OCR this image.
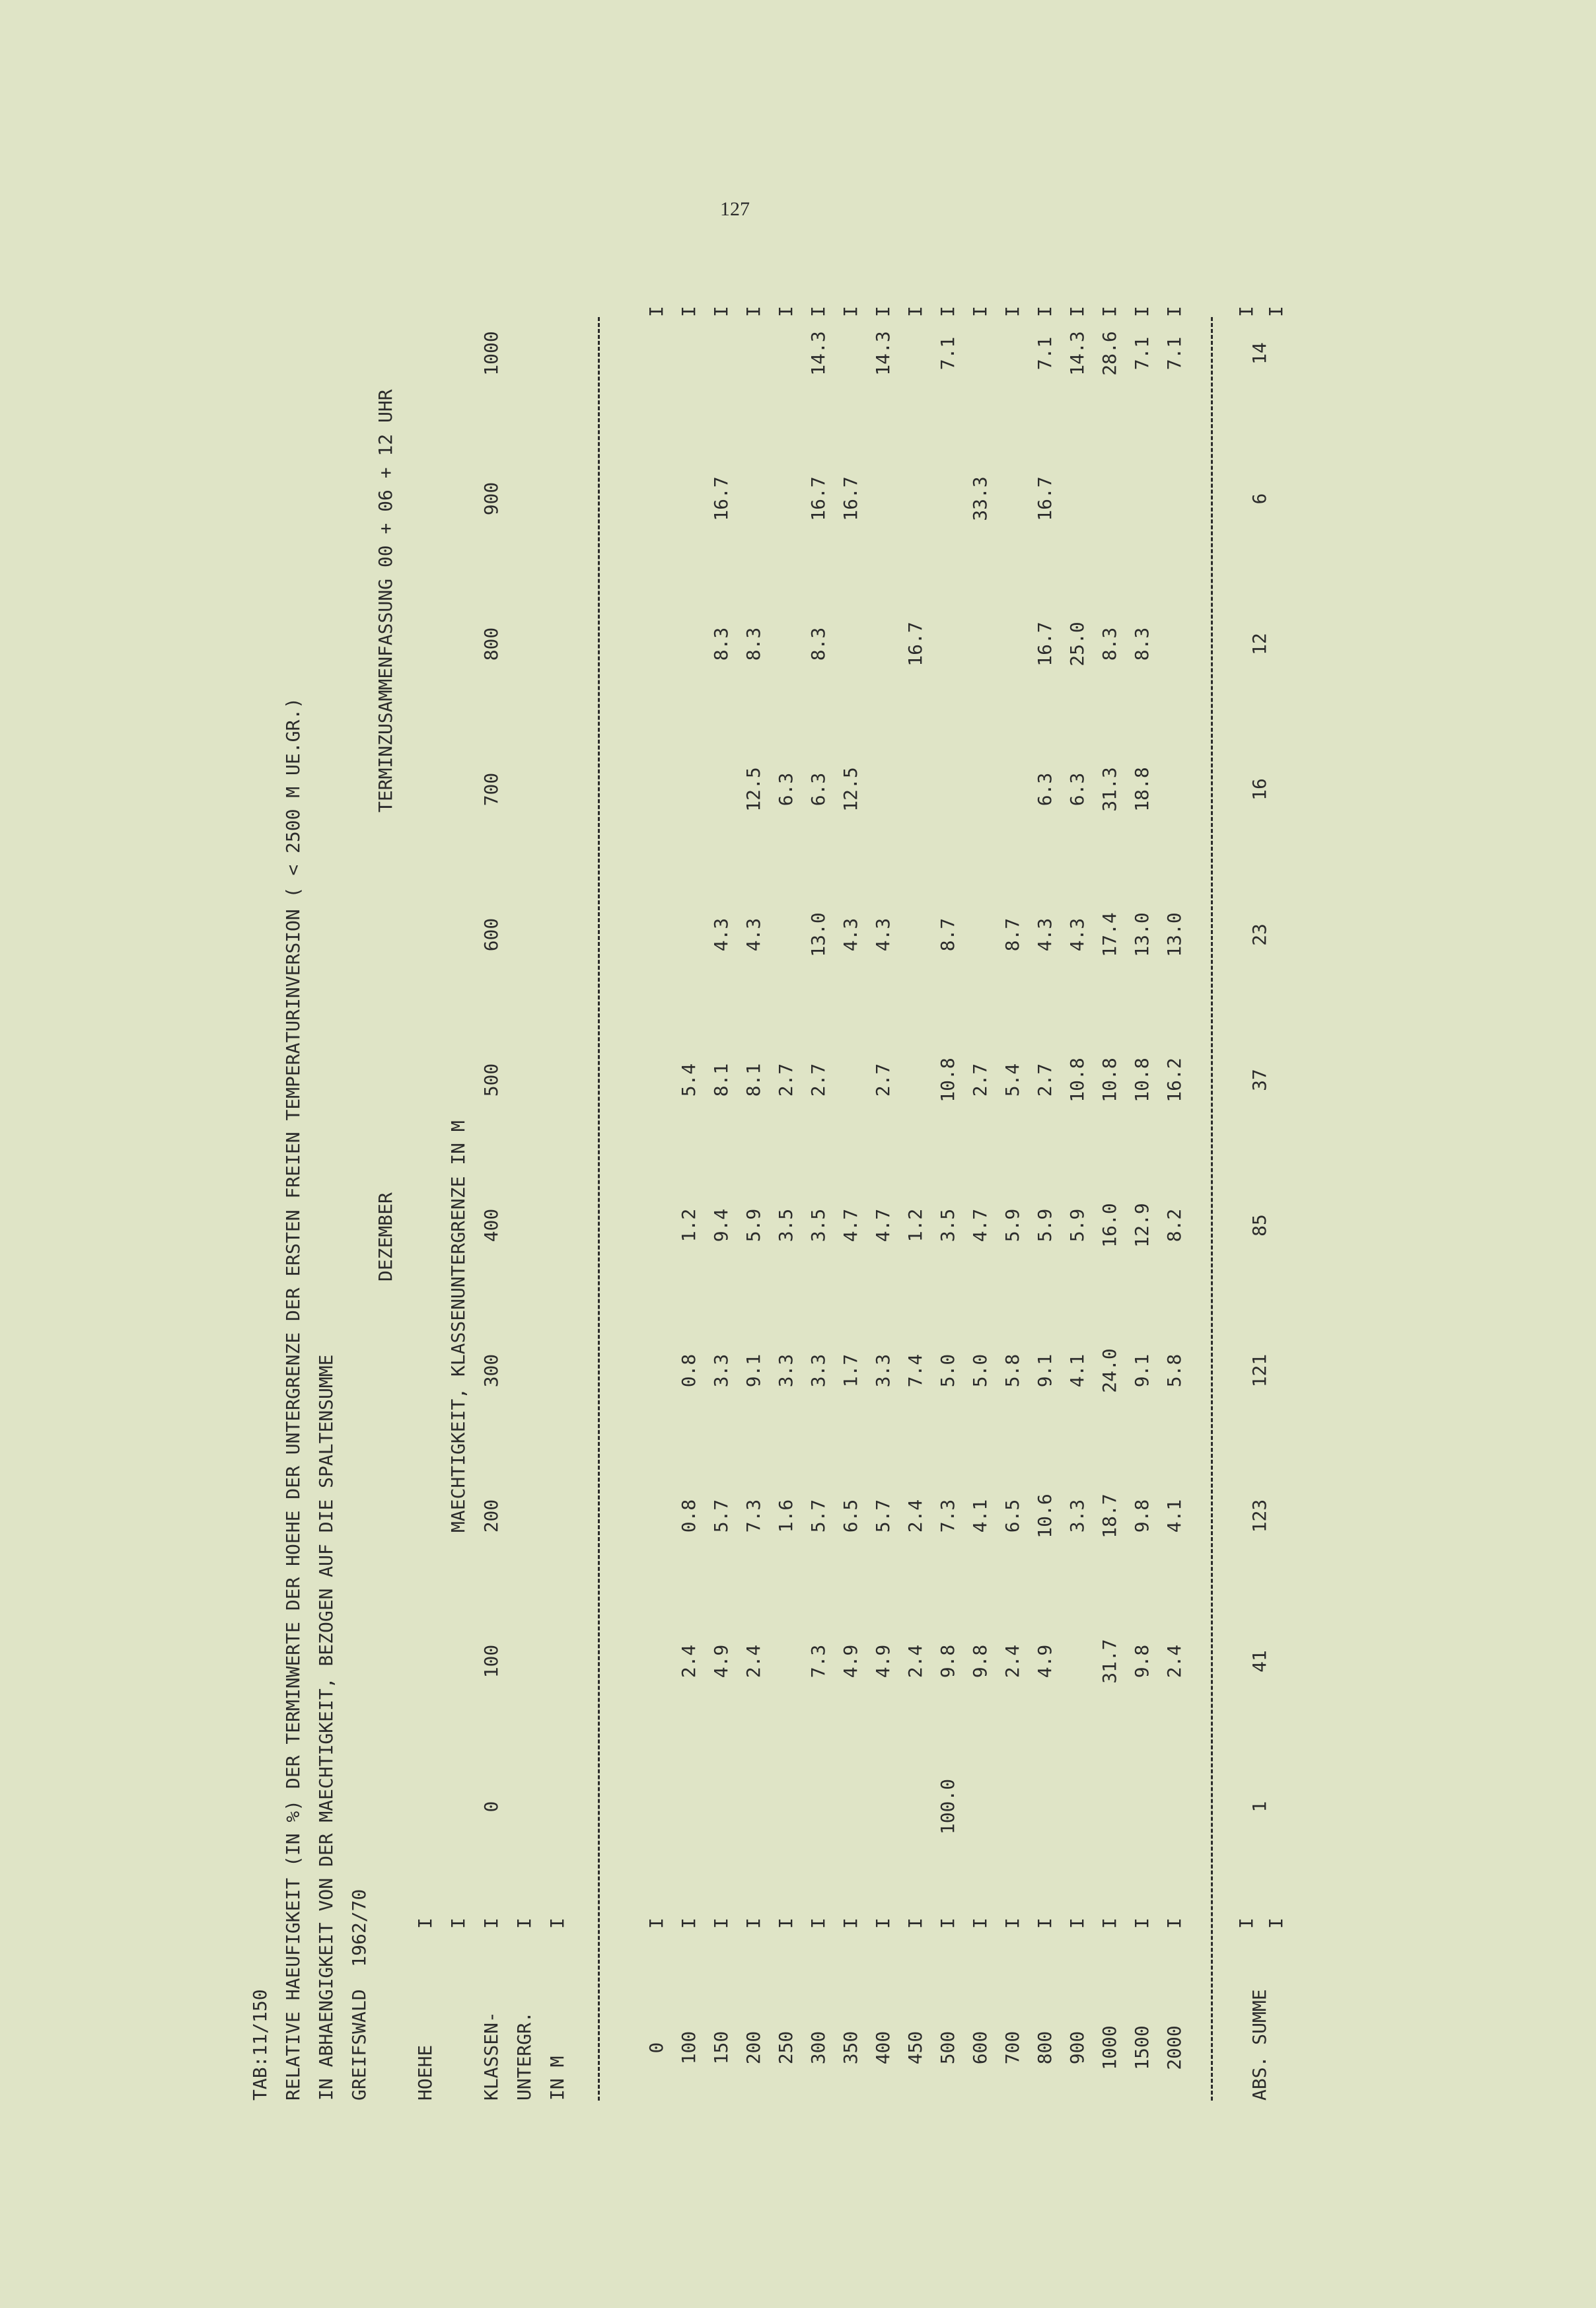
127
TAB:11/150 RELATIVE HAEUFIGKEIT (IN %) DER TERMINWERTE DER HOEHE DER UNTERGRENZE DER ERSTEN FREIEN TEMPERATURINVERSION ( < 2500 M UE.GR.) IN ABHAENGIGKEIT VON DER MAECHTIGKEIT, BEZOGEN AUF DIE SPALTENSUMME GREIFSWALD  1962/70
DEZEMBER
TERMINZUSAMMENFASSUNG 00 + 06 + 12 UHR
HOEHE KLASSEN- UNTERGR. IN M
MAECHTIGKEIT, KLASSENUNTERGRENZE IN M
I I I I I
0
100
200
300
400
500
600
700
800
900
1000
0
I
I
100
I
2.4
0.8
0.8
1.2
5.4
I
150
I
4.9
5.7
3.3
9.4
8.1
4.3
8.3
16.7
I
200
I
2.4
7.3
9.1
5.9
8.1
4.3
12.5
8.3
I
250
I
1.6
3.3
3.5
2.7
6.3
I
300
I
7.3
5.7
3.3
3.5
2.7
13.0
6.3
8.3
16.7
14.3
I
350
I
4.9
6.5
1.7
4.7
4.3
12.5
16.7
I
400
I
4.9
5.7
3.3
4.7
2.7
4.3
14.3
I
450
I
2.4
2.4
7.4
1.2
16.7
I
500
I
100.0
9.8
7.3
5.0
3.5
10.8
8.7
7.1
I
600
I
9.8
4.1
5.0
4.7
2.7
33.3
I
700
I
2.4
6.5
5.8
5.9
5.4
8.7
I
800
I
4.9
10.6
9.1
5.9
2.7
4.3
6.3
16.7
16.7
7.1
I
900
I
3.3
4.1
5.9
10.8
4.3
6.3
25.0
14.3
I
1000
I
31.7
18.7
24.0
16.0
10.8
17.4
31.3
8.3
28.6
I
1500
I
9.8
9.8
9.1
12.9
10.8
13.0
18.8
8.3
7.1
I
2000
I
2.4
4.1
5.8
8.2
16.2
13.0
7.1
I
ABS. SUMME
I I
1
41
123
121
85
37
23
16
12
6
14
I I
